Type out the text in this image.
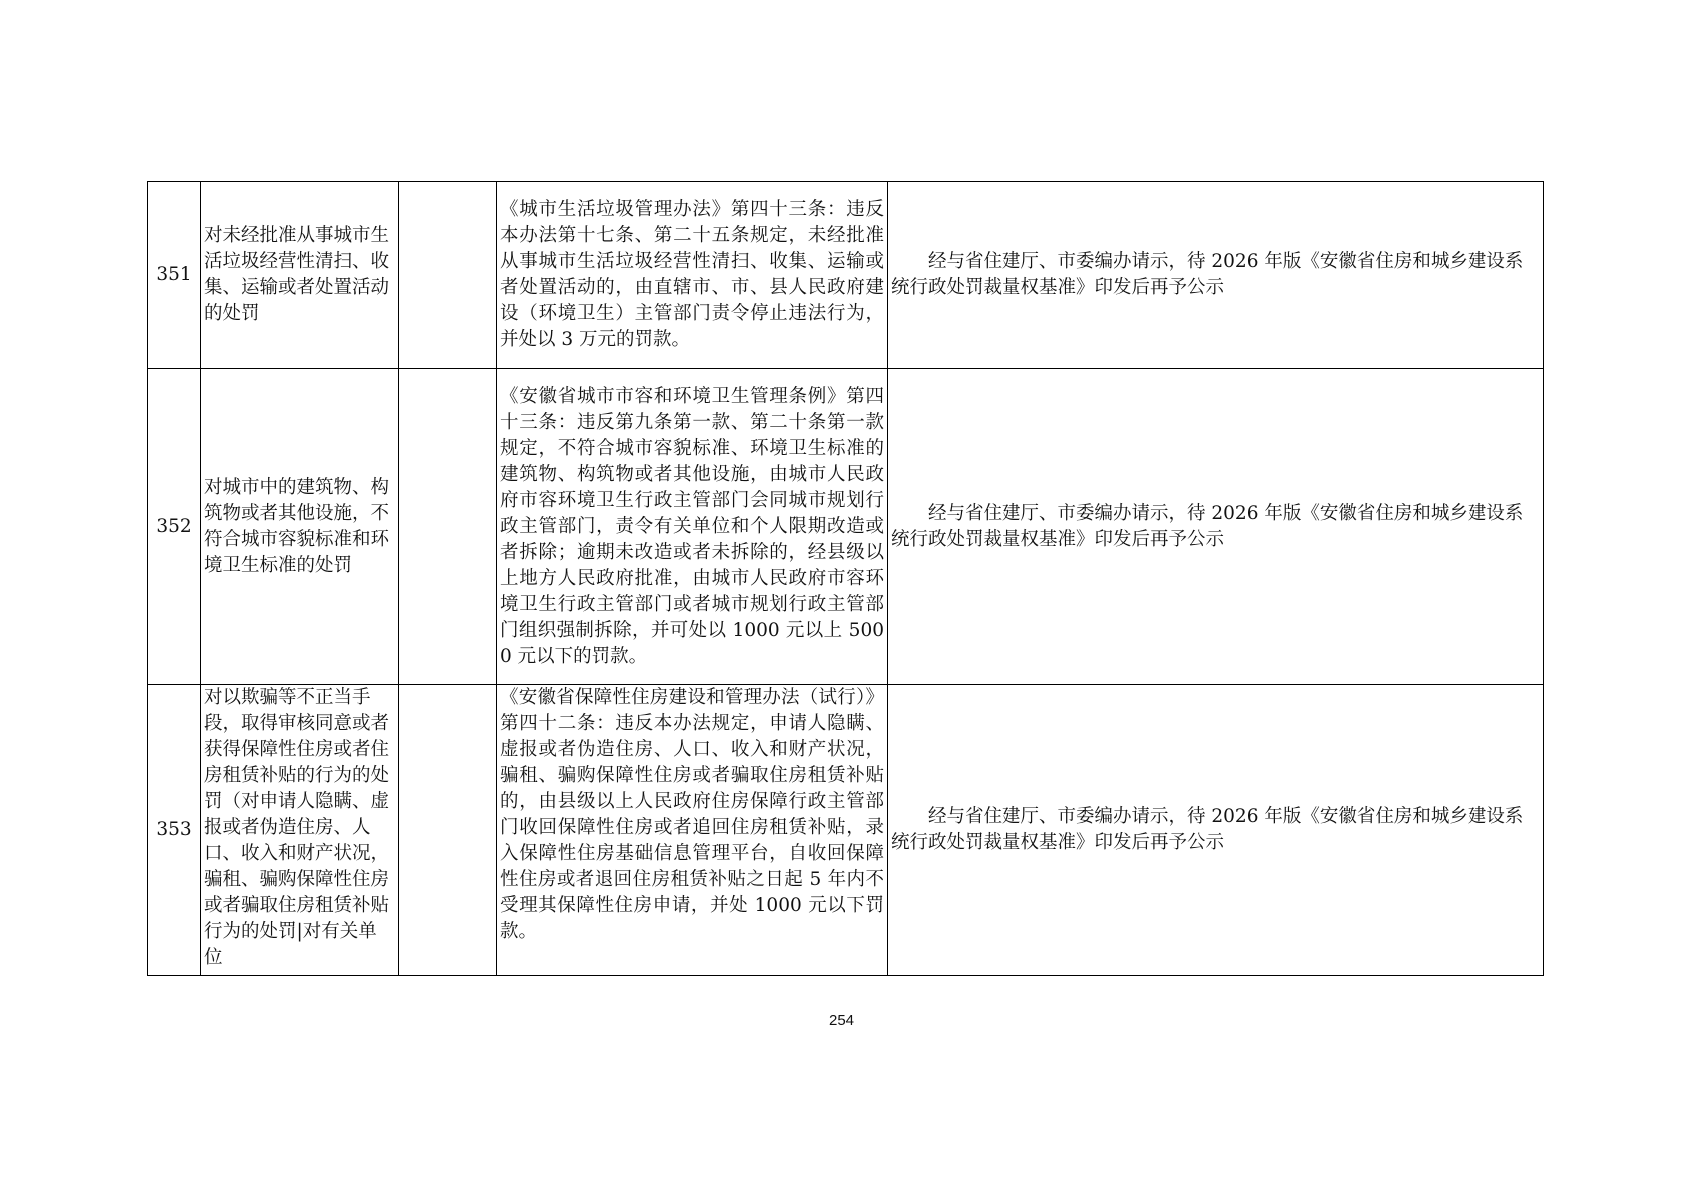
351	对未经批准从事城市生活垃圾经营性清扫、收集、运输或者处置活动的处罚		《城市生活垃圾管理办法》第四十三条：违反本办法第十七条、第二十五条规定，未经批准从事城市生活垃圾经营性清扫、收集、运输或者处置活动的，由直辖市、市、县人民政府建设（环境卫生）主管部门责令停止违法行为，并处以 3 万元的罚款。	经与省住建厅、市委编办请示，待 2026 年版《安徽省住房和城乡建设系统行政处罚裁量权基准》印发后再予公示

352	对城市中的建筑物、构筑物或者其他设施，不符合城市容貌标准和环境卫生标准的处罚		《安徽省城市市容和环境卫生管理条例》第四十三条：违反第九条第一款、第二十条第一款规定，不符合城市容貌标准、环境卫生标准的建筑物、构筑物或者其他设施，由城市人民政府市容环境卫生行政主管部门会同城市规划行政主管部门，责令有关单位和个人限期改造或者拆除；逾期未改造或者未拆除的，经县级以上地方人民政府批准，由城市人民政府市容环境卫生行政主管部门或者城市规划行政主管部门组织强制拆除，并可处以 1000 元以上 5000 元以下的罚款。	经与省住建厅、市委编办请示，待 2026 年版《安徽省住房和城乡建设系统行政处罚裁量权基准》印发后再予公示

353	对以欺骗等不正当手段，取得审核同意或者获得保障性住房或者住房租赁补贴的行为的处罚（对申请人隐瞒、虚报或者伪造住房、人口、收入和财产状况，骗租、骗购保障性住房或者骗取住房租赁补贴行为的处罚|对有关单位		《安徽省保障性住房建设和管理办法（试行）》第四十二条：违反本办法规定，申请人隐瞒、虚报或者伪造住房、人口、收入和财产状况，骗租、骗购保障性住房或者骗取住房租赁补贴的，由县级以上人民政府住房保障行政主管部门收回保障性住房或者追回住房租赁补贴，录入保障性住房基础信息管理平台，自收回保障性住房或者退回住房租赁补贴之日起 5 年内不受理其保障性住房申请，并处 1000 元以下罚款。	经与省住建厅、市委编办请示，待 2026 年版《安徽省住房和城乡建设系统行政处罚裁量权基准》印发后再予公示
254
